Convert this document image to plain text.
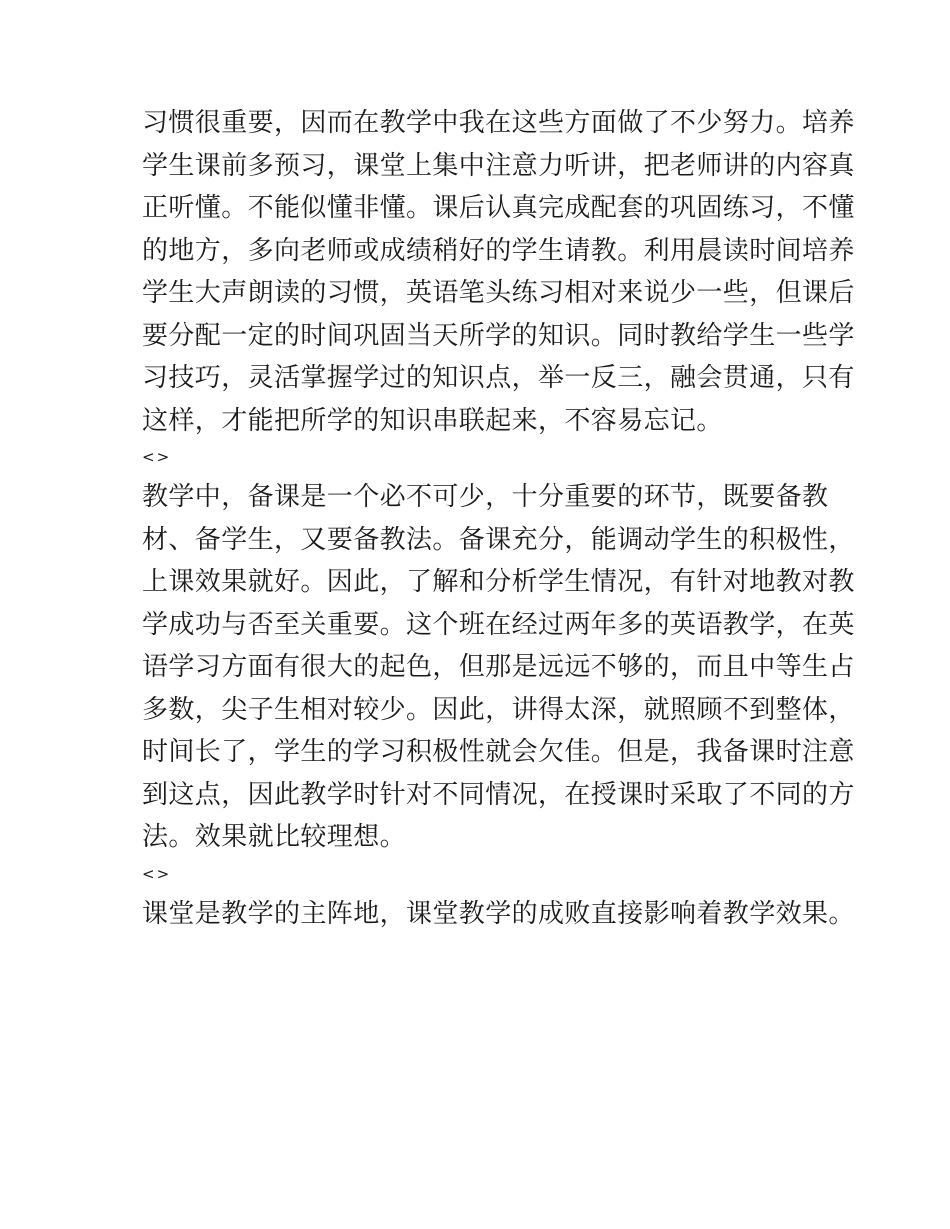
习惯很重要，因而在教学中我在这些方面做了不少努力。培养
学生课前多预习，课堂上集中注意力听讲，把老师讲的内容真
正听懂。不能似懂非懂。课后认真完成配套的巩固练习，不懂
的地方，多向老师或成绩稍好的学生请教。利用晨读时间培养
学生大声朗读的习惯，英语笔头练习相对来说少一些，但课后
要分配一定的时间巩固当天所学的知识。同时教给学生一些学
习技巧，灵活掌握学过的知识点，举一反三，融会贯通，只有
这样，才能把所学的知识串联起来，不容易忘记。
<>
教学中，备课是一个必不可少，十分重要的环节，既要备教
材、备学生，又要备教法。备课充分，能调动学生的积极性，
上课效果就好。因此，了解和分析学生情况，有针对地教对教
学成功与否至关重要。这个班在经过两年多的英语教学，在英
语学习方面有很大的起色，但那是远远不够的，而且中等生占
多数，尖子生相对较少。因此，讲得太深，就照顾不到整体，
时间长了，学生的学习积极性就会欠佳。但是，我备课时注意
到这点，因此教学时针对不同情况，在授课时采取了不同的方
法。效果就比较理想。
<>
课堂是教学的主阵地，课堂教学的成败直接影响着教学效果。
